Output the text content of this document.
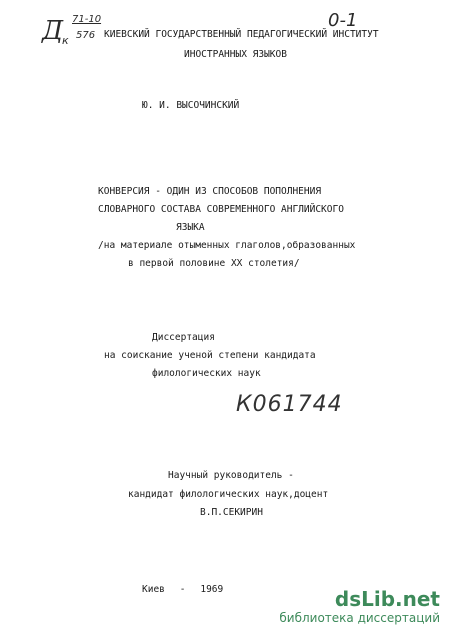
Д
к
71-10
576
0-1
КИЕВСКИЙ ГОСУДАРСТВЕННЫЙ ПЕДАГОГИЧЕСКИЙ ИНСТИТУТ
ИНОСТРАННЫХ ЯЗЫКОВ
Ю. И. ВЫСОЧИНСКИЙ
КОНВЕРСИЯ - ОДИН ИЗ СПОСОБОВ ПОПОЛНЕНИЯ
СЛОВАРНОГО СОСТАВА СОВРЕМЕННОГО АНГЛИЙСКОГО
ЯЗЫКА
/на материале отыменных глаголов,образованных
в первой половине XX столетия/
Диссертация
на соискание ученой степени кандидата
филологических наук
К061744
Научный руководитель -
кандидат филологических наук,доцент
В.П.СЕКИРИН
Киев - 1969	dsLib.net
библиотека диссертаций
